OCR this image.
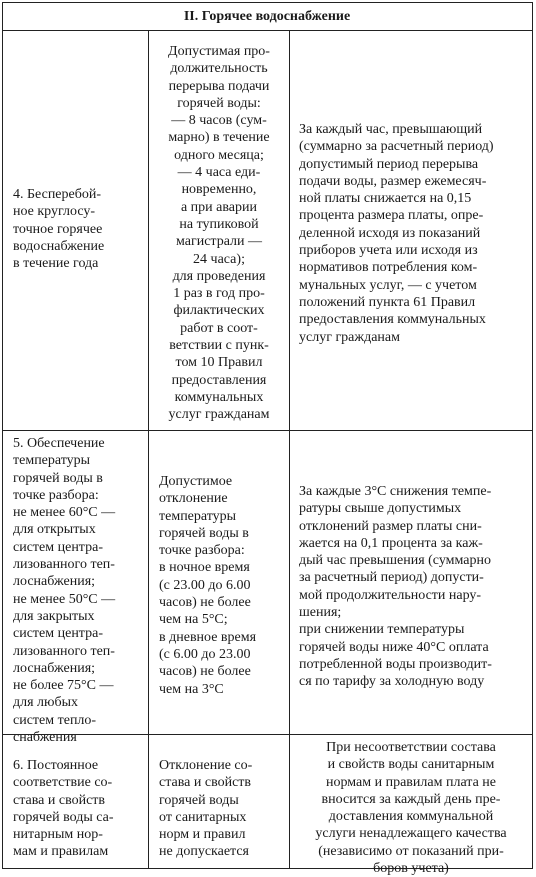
II. Горячее водоснабжение
4. Бесперебой-
ное круглосу-
точное горячее
водоснабжение
в течение года
Допустимая про-
должительность
перерыва подачи
горячей воды:
— 8 часов (сум-
марно) в течение
одного месяца;
— 4 часа еди-
новременно,
а при аварии
на тупиковой
магистрали —
24 часа);
для проведения
1 раз в год про-
филактических
работ в соот-
ветствии с пунк-
том 10 Правил
предоставления
коммунальных
услуг гражданам
За каждый час, превышающий
(суммарно за расчетный период)
допустимый период перерыва
подачи воды, размер ежемесяч-
ной платы снижается на 0,15
процента размера платы, опре-
деленной исходя из показаний
приборов учета или исходя из
нормативов потребления ком-
мунальных услуг, — с учетом
положений пункта 61 Правил
предоставления коммунальных
услуг гражданам
5. Обеспечение
температуры
горячей воды в
точке разбора:
не менее 60°C —
для открытых
систем центра-
лизованного теп-
лоснабжения;
не менее 50°C —
для закрытых
систем центра-
лизованного теп-
лоснабжения;
не более 75°C —
для любых
систем тепло-
снабжения
Допустимое
отклонение
температуры
горячей воды в
точке разбора:
в ночное время
(с 23.00 до 6.00
часов) не более
чем на 5°C;
в дневное время
(с 6.00 до 23.00
часов) не более
чем на 3°C
За каждые 3°C снижения темпе-
ратуры свыше допустимых
отклонений размер платы сни-
жается на 0,1 процента за каж-
дый час превышения (суммарно
за расчетный период) допусти-
мой продолжительности нару-
шения;
при снижении температуры
горячей воды ниже 40°C оплата
потребленной воды производит-
ся по тарифу за холодную воду
6. Постоянное
соответствие со-
става и свойств
горячей воды са-
нитарным нор-
мам и правилам
Отклонение со-
става и свойств
горячей воды
от санитарных
норм и правил
не допускается
При несоответствии состава
и свойств воды санитарным
нормам и правилам плата не
вносится за каждый день пре-
доставления коммунальной
услуги ненадлежащего качества
(независимо от показаний при-
боров учета)
